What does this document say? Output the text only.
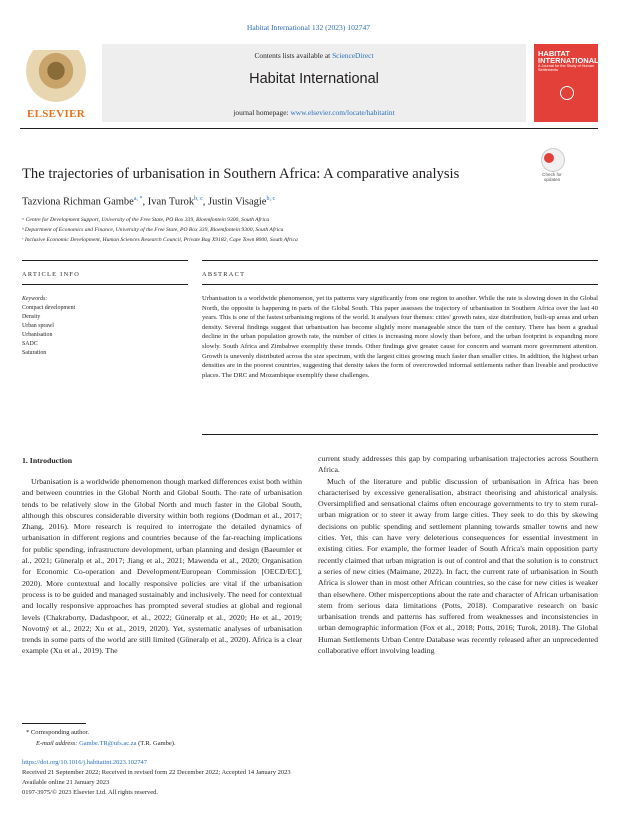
Habitat International 132 (2023) 102747
ELSEVIER
Contents lists available at ScienceDirect
Habitat International
journal homepage: www.elsevier.com/locate/habitatint
HABITAT INTERNATIONAL
A Journal for the Study of Human Settlements
The trajectories of urbanisation in Southern Africa: A comparative analysis	Check for updates
Tazviona Richman Gambe$^{a, *}$, Ivan Turok$^{b, c}$, Justin Visagie$^{b, c}$
ᵃ Centre for Development Support, University of the Free State, PO Box 339, Bloemfontein 9300, South Africa
ᵇ Department of Economics and Finance, University of the Free State, PO Box 339, Bloemfontein 9300, South Africa
ᶜ Inclusive Economic Development, Human Sciences Research Council, Private Bag X9182, Cape Town 8000, South Africa
ARTICLE INFO	ABSTRACT
Keywords:
Compact development
Density
Urban sprawl
Urbanisation
SADC
Saturation
Urbanisation is a worldwide phenomenon, yet its patterns vary significantly from one region to another. While the rate is slowing down in the Global North, the opposite is happening in parts of the Global South. This paper assesses the trajectory of urbanisation in Southern Africa over the last 40 years. This is one of the fastest urbanising regions of the world. It analyses four themes: cities' growth rates, size distribution, built-up areas and urban density. Several findings suggest that urbanisation has become slightly more manageable since the turn of the century. There has been a gradual decline in the urban population growth rate, the number of cities is increasing more slowly than before, and the urban footprint is expanding more slowly. South Africa and Zimbabwe exemplify these trends. Other findings give greater cause for concern and warrant more government attention. Growth is unevenly distributed across the size spectrum, with the largest cities growing much faster than smaller cities. In addition, the highest urban densities are in the poorest countries, suggesting that density takes the form of overcrowded informal settlements rather than liveable and productive places. The DRC and Mozambique exemplify these challenges.
1. Introduction

Urbanisation is a worldwide phenomenon though marked differences exist both within and between countries in the Global North and Global South. The rate of urbanisation tends to be relatively slow in the Global North and much faster in the Global South, although this obscures considerable diversity within both regions (Dodman et al., 2017; Zhang, 2016). More research is required to interrogate the detailed dynamics of urbanisation in different regions and countries because of the far-reaching implications for public spending, infrastructure development, urban planning and design (Baeumler et al., 2021; Güneralp et al., 2017; Jiang et al., 2021; Mawenda et al., 2020; Organisation for Economic Co-operation and Development/European Commission [OECD/EC], 2020). More contextual and locally responsive policies are vital if the urbanisation process is to be guided and managed sustainably and inclusively. The need for contextual and locally responsive approaches has prompted several studies at global and regional levels (Chakraborty, Dadashpoor, et al., 2022; Güneralp et al., 2020; He et al., 2019; Novotný et al., 2022; Xu et al., 2019, 2020). Yet, systematic analyses of urbanisation trends in some parts of the world are still limited (Güneralp et al., 2020). Africa is a clear example (Xu et al., 2019). The

current study addresses this gap by comparing urbanisation trajectories across Southern Africa.

Much of the literature and public discussion of urbanisation in Africa has been characterised by excessive generalisation, abstract theorising and ahistorical analysis. Oversimplified and sensational claims often encourage governments to try to stem rural-urban migration or to steer it away from large cities. They seek to do this by skewing decisions on public spending and settlement planning towards smaller towns and new cities. Yet, this can have very deleterious consequences for essential investment in existing cities. For example, the former leader of South Africa's main opposition party recently claimed that urban migration is out of control and that the solution is to construct a series of new cities (Maimane, 2022). In fact, the current rate of urbanisation in South Africa is slower than in most other African countries, so the case for new cities is weaker than elsewhere. Other misperceptions about the rate and character of African urbanisation stem from serious data limitations (Potts, 2018). Comparative research on basic urbanisation trends and patterns has suffered from weaknesses and inconsistencies in urban demographic information (Fox et al., 2018; Potts, 2016; Turok, 2018). The Global Human Settlements Urban Centre Database was recently released after an unprecedented collaborative effort involving leading

* Corresponding author.
E-mail address: Gambe.TR@ufs.ac.za (T.R. Gambe).
https://doi.org/10.1016/j.habitatint.2023.102747
Received 21 September 2022; Received in revised form 22 December 2022; Accepted 14 January 2023
Available online 21 January 2023
0197-3975/© 2023 Elsevier Ltd. All rights reserved.
